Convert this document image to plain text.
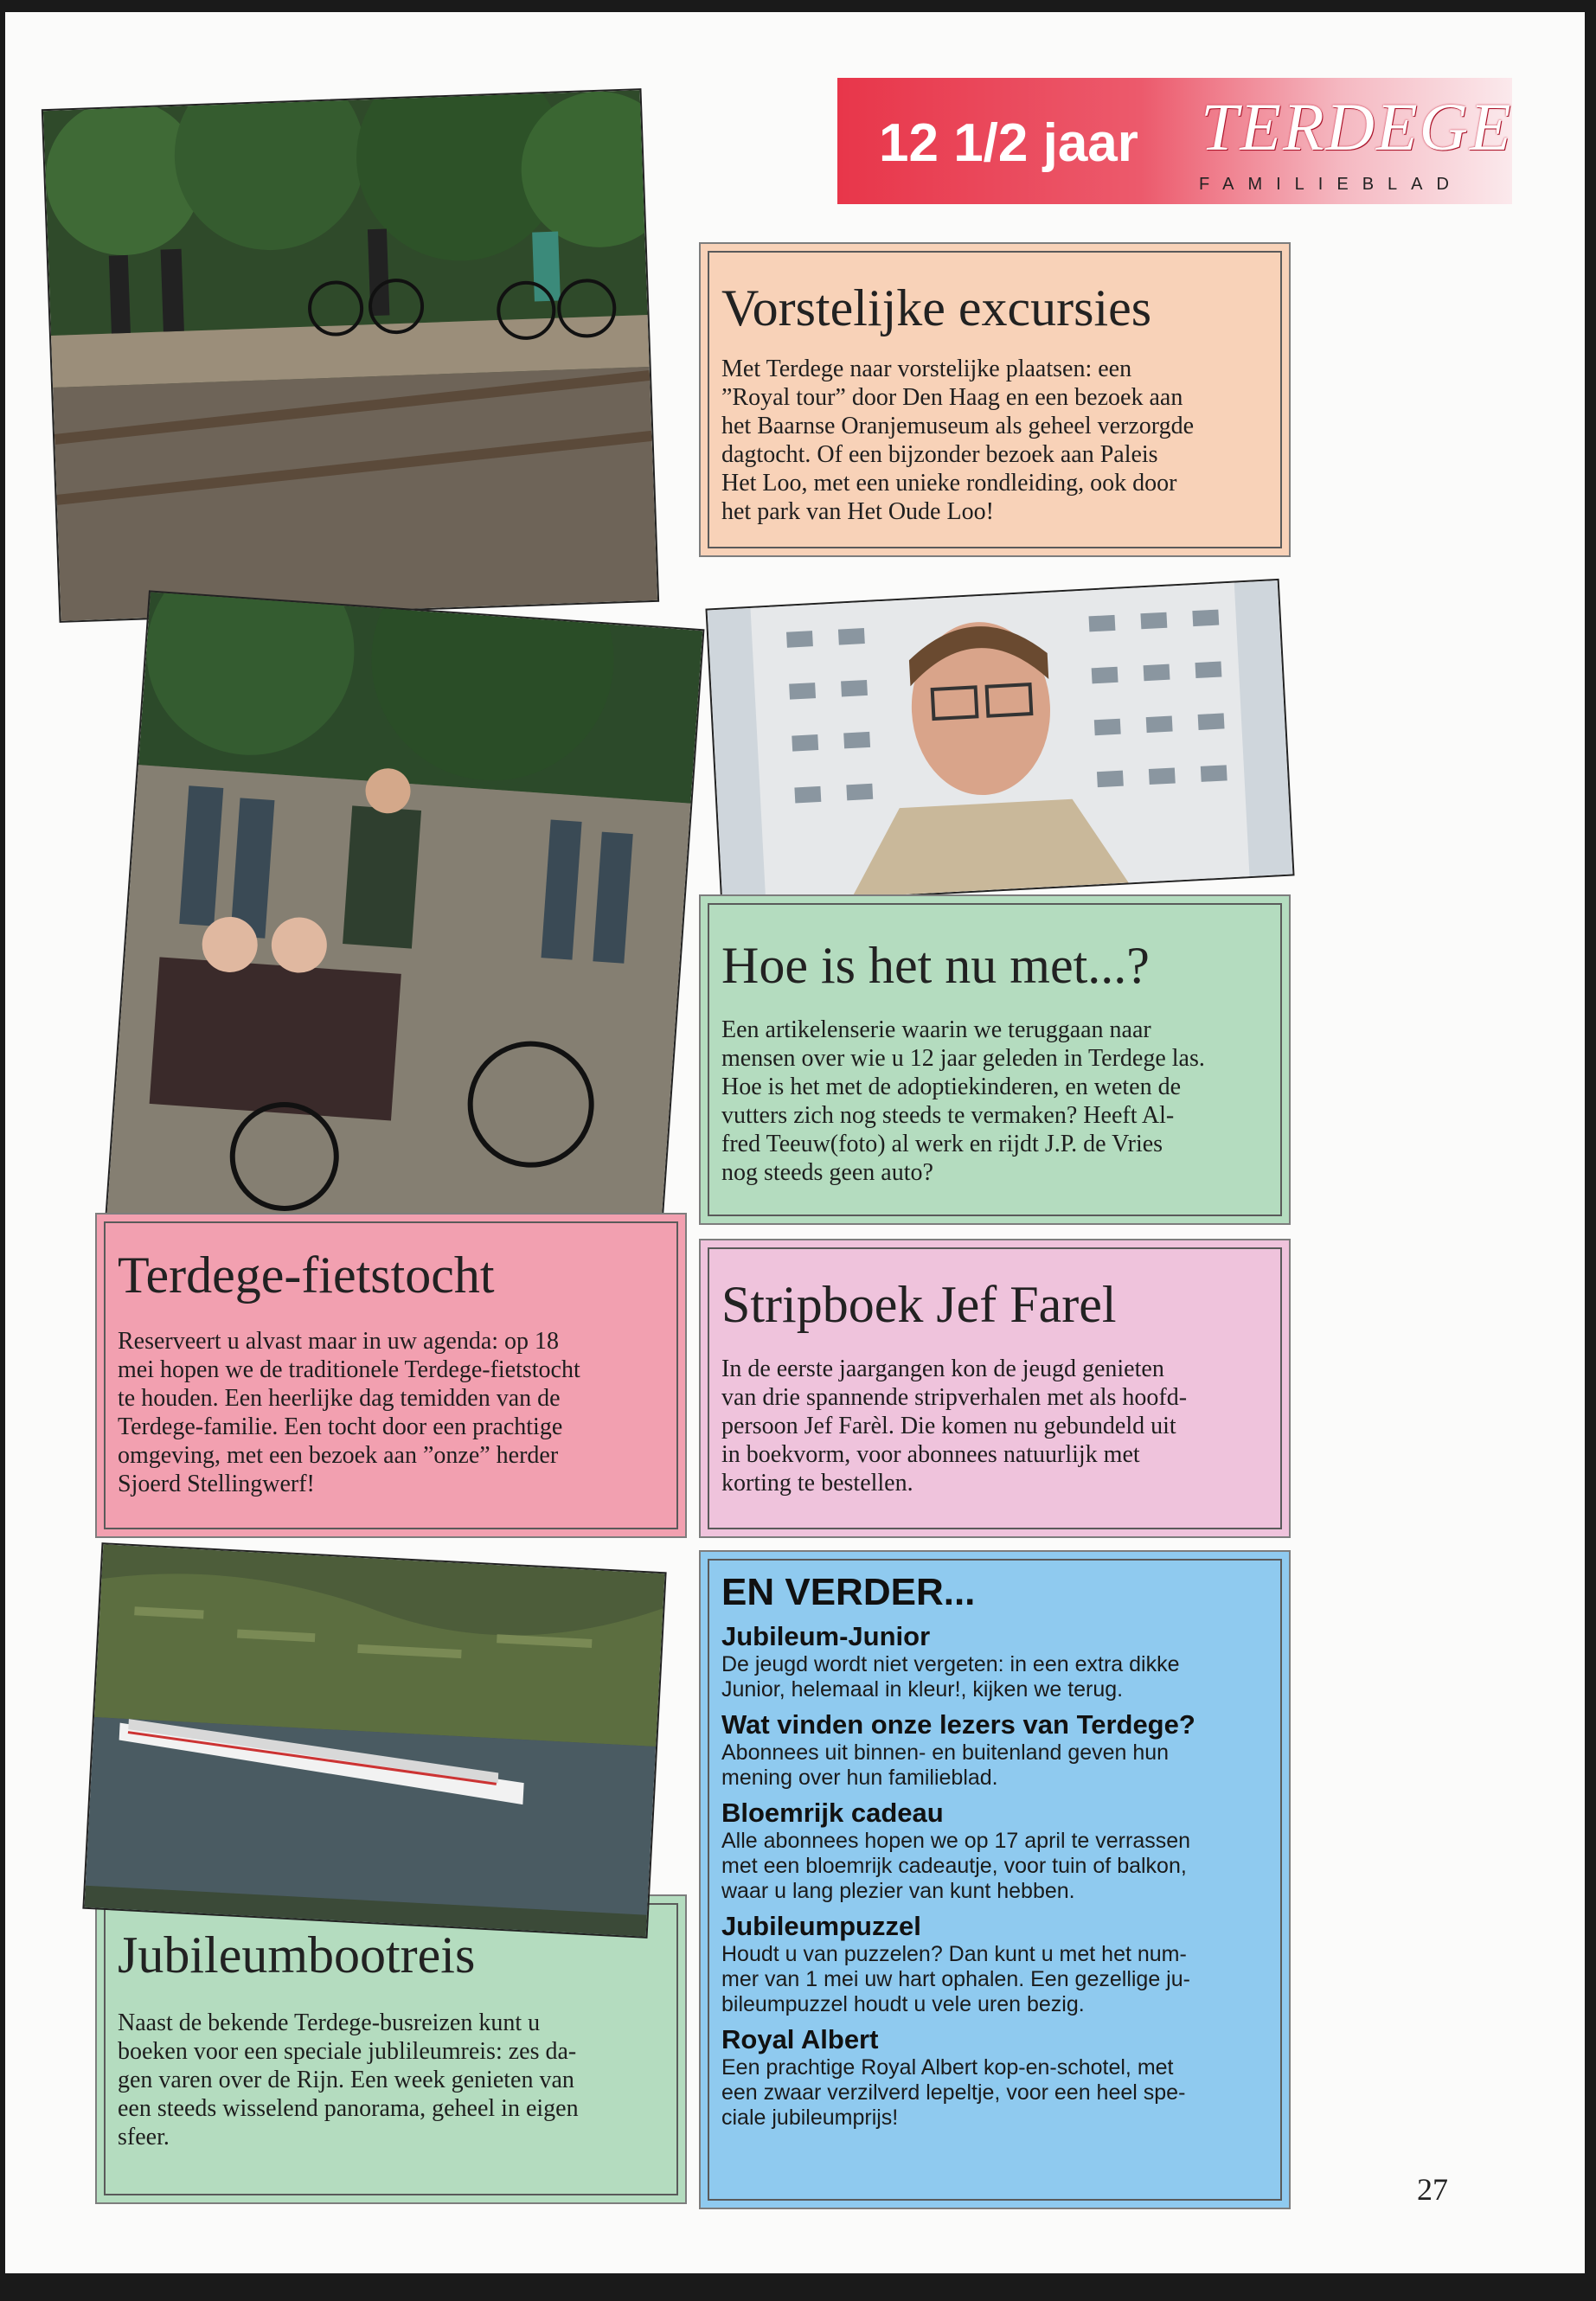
12 1/2 jaar TERDEGE
FAMILIEBLAD
Vorstelijke excursies
Met Terdege naar vorstelijke plaatsen: een
”Royal tour” door Den Haag en een bezoek aan
het Baarnse Oranjemuseum als geheel verzorgde
dagtocht. Of een bijzonder bezoek aan Paleis
Het Loo, met een unieke rondleiding, ook door
het park van Het Oude Loo!
Hoe is het nu met...?
Een artikelenserie waarin we teruggaan naar
mensen over wie u 12 jaar geleden in Terdege las.
Hoe is het met de adoptiekinderen, en weten de
vutters zich nog steeds te vermaken? Heeft Al-
fred Teeuw(foto) al werk en rijdt J.P. de Vries
nog steeds geen auto?
Terdege-fietstocht
Reserveert u alvast maar in uw agenda: op 18
mei hopen we de traditionele Terdege-fietstocht
te houden. Een heerlijke dag temidden van de
Terdege-familie. Een tocht door een prachtige
omgeving, met een bezoek aan ”onze” herder
Sjoerd Stellingwerf!
Stripboek Jef Farel
In de eerste jaargangen kon de jeugd genieten
van drie spannende stripverhalen met als hoofd-
persoon Jef Farèl. Die komen nu gebundeld uit
in boekvorm, voor abonnees natuurlijk met
korting te bestellen.
Jubileumbootreis
Naast de bekende Terdege-busreizen kunt u
boeken voor een speciale jublileumreis: zes da-
gen varen over de Rijn. Een week genieten van
een steeds wisselend panorama, geheel in eigen
sfeer.
EN VERDER...
Jubileum-Junior
De jeugd wordt niet vergeten: in een extra dikke
Junior, helemaal in kleur!, kijken we terug.
Wat vinden onze lezers van Terdege?
Abonnees uit binnen- en buitenland geven hun
mening over hun familieblad.
Bloemrijk cadeau
Alle abonnees hopen we op 17 april te verrassen
met een bloemrijk cadeautje, voor tuin of balkon,
waar u lang plezier van kunt hebben.
Jubileumpuzzel
Houdt u van puzzelen? Dan kunt u met het num-
mer van 1 mei uw hart ophalen. Een gezellige ju-
bileumpuzzel houdt u vele uren bezig.
Royal Albert
Een prachtige Royal Albert kop-en-schotel, met
een zwaar verzilverd lepeltje, voor een heel spe-
ciale jubileumprijs!
27
